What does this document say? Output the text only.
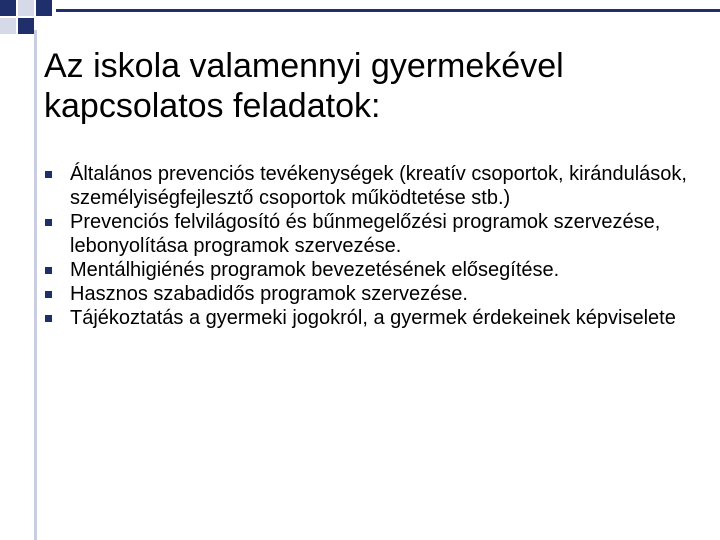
Az iskola valamennyi gyermekével kapcsolatos feladatok:
Általános prevenciós tevékenységek (kreatív csoportok, kirándulások, személyiségfejlesztő csoportok működtetése stb.)
Prevenciós felvilágosító és bűnmegelőzési programok szervezése, lebonyolítása programok szervezése.
Mentálhigiénés programok bevezetésének elősegítése.
Hasznos szabadidős programok szervezése.
Tájékoztatás a gyermeki jogokról, a gyermek érdekeinek képviselete
